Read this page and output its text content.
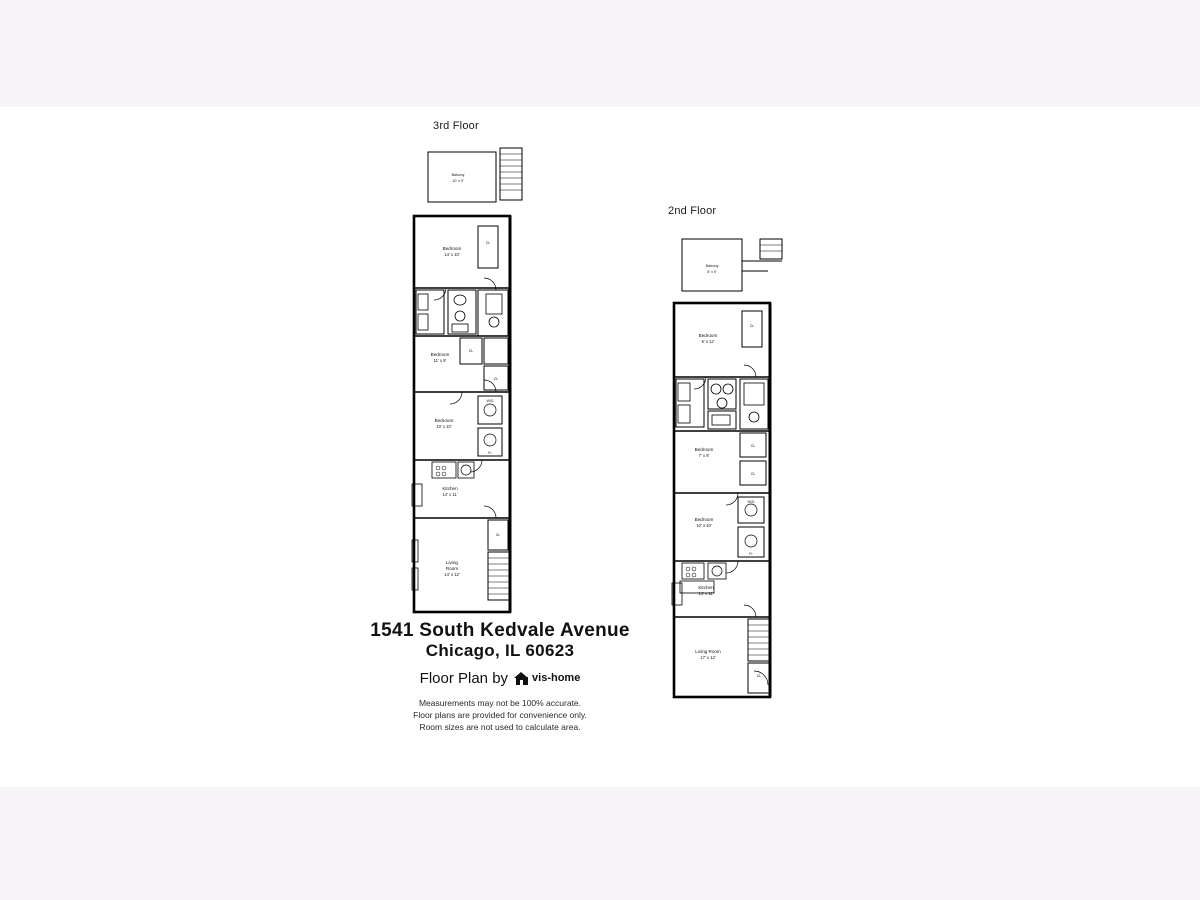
3rd Floor
Balcony
10' x 9'
Bedroom
14' x 10'
CL
Bedroom
11' x 8'
CL
CL
Bedroom
10' x 10'
W/D
Fr
Kitchen
14' x 11'
CL
Living
Room
14' x 12'
2nd Floor
Balcony
6' x 9'
Bedroom
9' x 12'
CL
Bedroom
7' x 8'
CL
CL
Bedroom
10' x 10'
W/D
Fr
Kitchen
14' x 11'
Living Room
17' x 12'
CL
1541 South Kedvale Avenue
Chicago, IL 60623
Floor Plan by vis-home
Measurements may not be 100% accurate.
Floor plans are provided for convenience only.
Room sizes are not used to calculate area.
